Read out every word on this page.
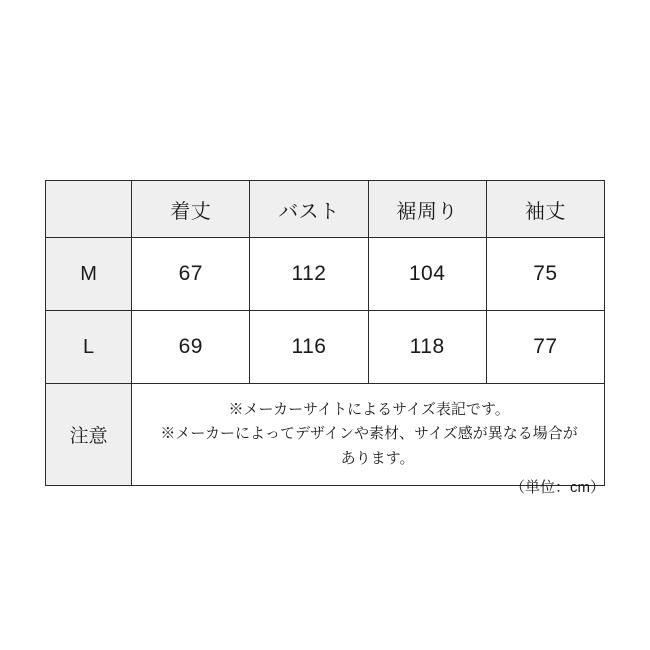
	着丈	バスト	裾周り	袖丈
M	67	112	104	75
L	69	116	118	77
注意	※メーカーサイトによるサイズ表記です。
※メーカーによってデザインや素材、サイズ感が異なる場合が
あります。			
（単位：cm）
